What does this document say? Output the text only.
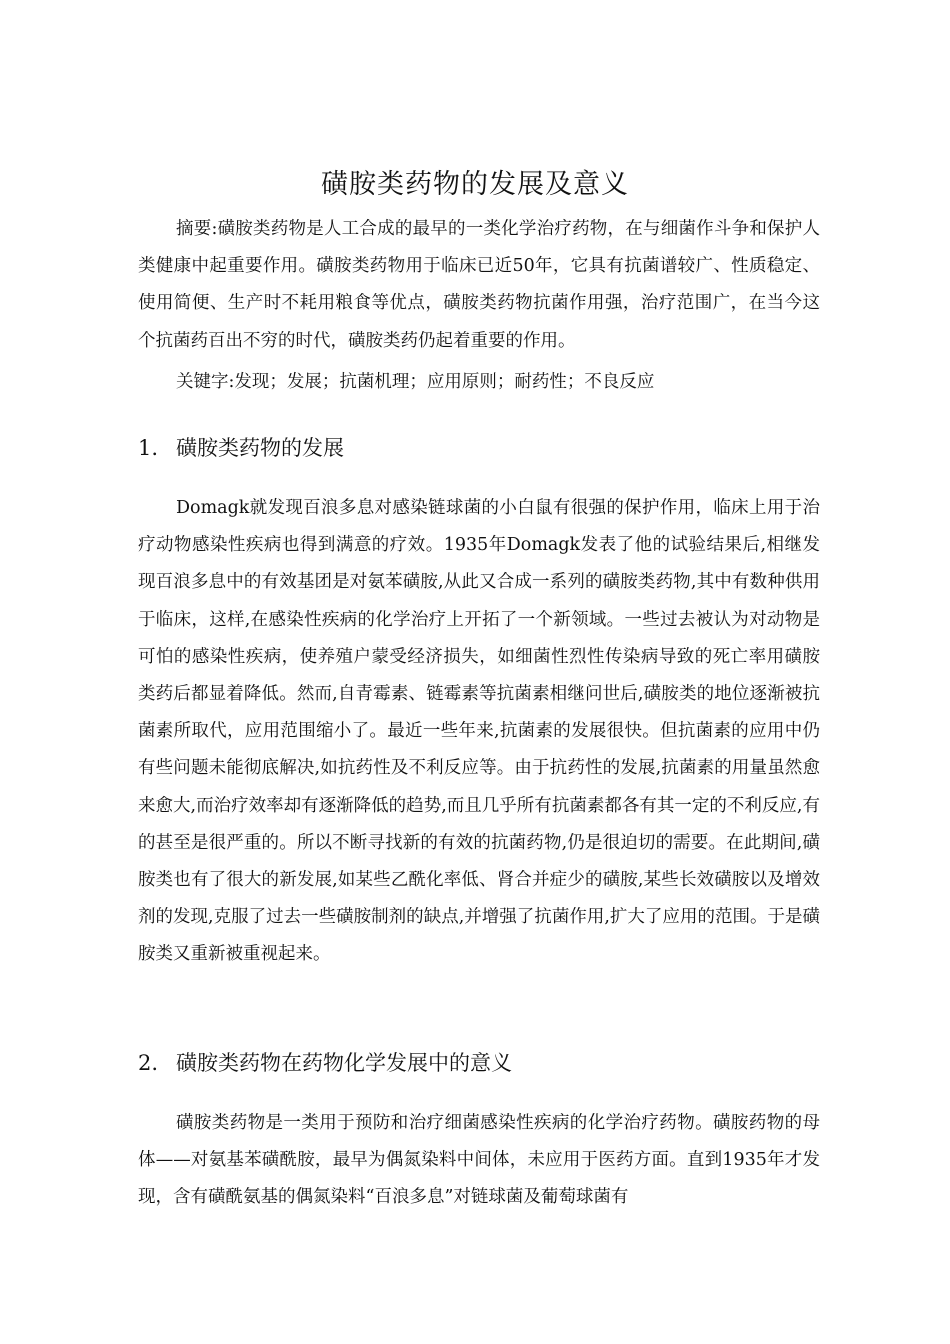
磺胺类药物的发展及意义

摘要:磺胺类药物是人工合成的最早的一类化学治疗药物，在与细菌作斗争和保护人类健康中起重要作用。磺胺类药物用于临床已近50年，它具有抗菌谱较广、性质稳定、使用简便、生产时不耗用粮食等优点，磺胺类药物抗菌作用强，治疗范围广，在当今这个抗菌药百出不穷的时代，磺胺类药仍起着重要的作用。

关键字:发现；发展；抗菌机理；应用原则；耐药性；不良反应

1. 磺胺类药物的发展

Domagk就发现百浪多息对感染链球菌的小白鼠有很强的保护作用，临床上用于治疗动物感染性疾病也得到满意的疗效。1935年Domagk发表了他的试验结果后,相继发现百浪多息中的有效基团是对氨苯磺胺,从此又合成一系列的磺胺类药物,其中有数种供用于临床，这样,在感染性疾病的化学治疗上开拓了一个新领域。一些过去被认为对动物是可怕的感染性疾病，使养殖户蒙受经济损失，如细菌性烈性传染病导致的死亡率用磺胺类药后都显着降低。然而,自青霉素、链霉素等抗菌素相继问世后,磺胺类的地位逐渐被抗菌素所取代，应用范围缩小了。最近一些年来,抗菌素的发展很快。但抗菌素的应用中仍有些问题未能彻底解决,如抗药性及不利反应等。由于抗药性的发展,抗菌素的用量虽然愈来愈大,而治疗效率却有逐渐降低的趋势,而且几乎所有抗菌素都各有其一定的不利反应,有的甚至是很严重的。所以不断寻找新的有效的抗菌药物,仍是很迫切的需要。在此期间,磺胺类也有了很大的新发展,如某些乙酰化率低、肾合并症少的磺胺,某些长效磺胺以及增效剂的发现,克服了过去一些磺胺制剂的缺点,并增强了抗菌作用,扩大了应用的范围。于是磺胺类又重新被重视起来。

2. 磺胺类药物在药物化学发展中的意义

磺胺类药物是一类用于预防和治疗细菌感染性疾病的化学治疗药物。磺胺药物的母体——对氨基苯磺酰胺，最早为偶氮染料中间体，未应用于医药方面。直到1935年才发现，含有磺酰氨基的偶氮染料“百浪多息”对链球菌及葡萄球菌有
